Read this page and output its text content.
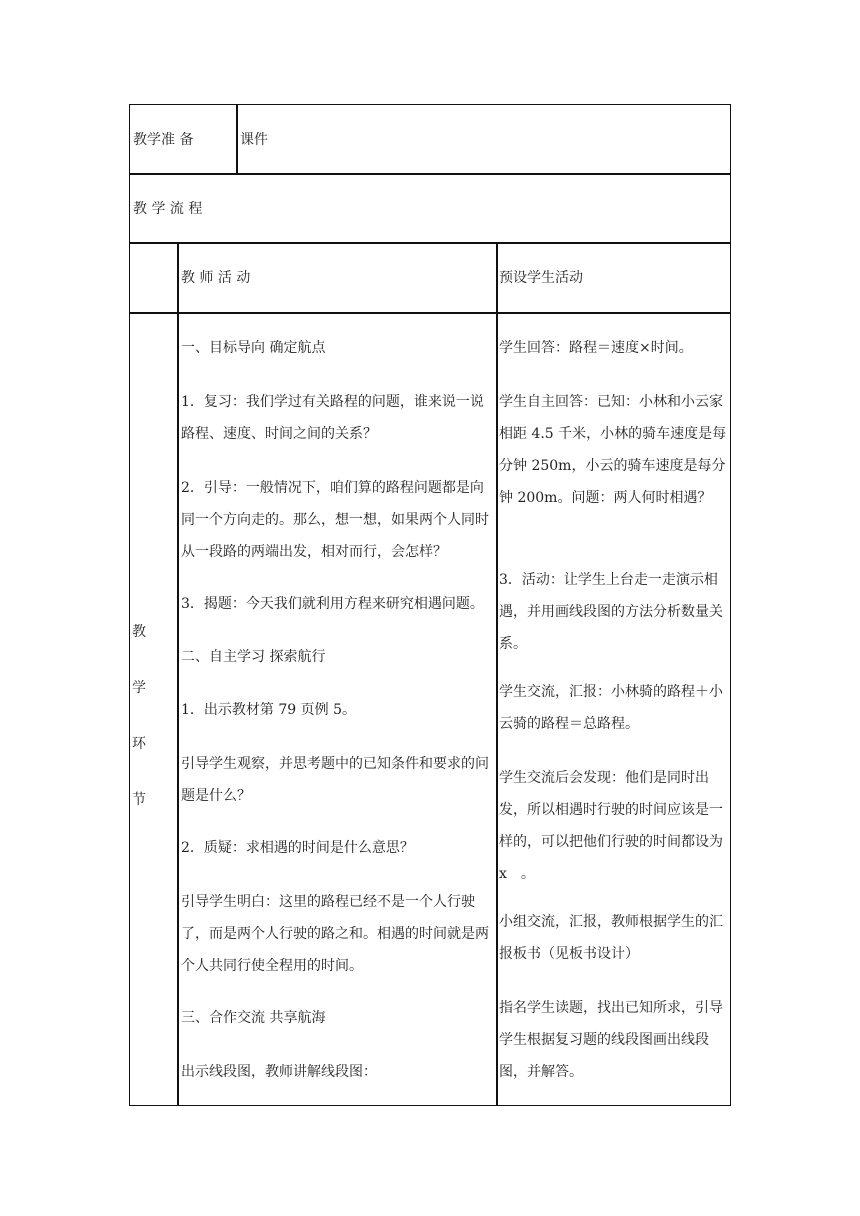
教学准 备	课件
教 学 流 程
教 师 活 动	预设学生活动
教
学
环
节
一、目标导向 确定航点
1．复习：我们学过有关路程的问题，谁来说一说路程、速度、时间之间的关系？
2．引导：一般情况下，咱们算的路程问题都是向同一个方向走的。那么，想一想，如果两个人同时从一段路的两端出发，相对而行，会怎样？
3．揭题：今天我们就利用方程来研究相遇问题。
二、自主学习 探索航行
1．出示教材第 79 页例 5。
引导学生观察，并思考题中的已知条件和要求的问题是什么？
2．质疑：求相遇的时间是什么意思？
引导学生明白：这里的路程已经不是一个人行驶了，而是两个人行驶的路之和。相遇的时间就是两个人共同行使全程用的时间。
三、合作交流 共享航海
出示线段图，教师讲解线段图：
学生回答：路程＝速度×时间。
学生自主回答：已知：小林和小云家相距 4.5 千米，小林的骑车速度是每分钟 250m，小云的骑车速度是每分钟 200m。问题：两人何时相遇？
3．活动：让学生上台走一走演示相遇，并用画线段图的方法分析数量关系。
学生交流，汇报：小林骑的路程＋小云骑的路程＝总路程。
学生交流后会发现：他们是同时出发，所以相遇时行驶的时间应该是一样的，可以把他们行驶的时间都设为 x　。
小组交流，汇报，教师根据学生的汇报板书（见板书设计）
指名学生读题，找出已知所求，引导学生根据复习题的线段图画出线段图，并解答。
